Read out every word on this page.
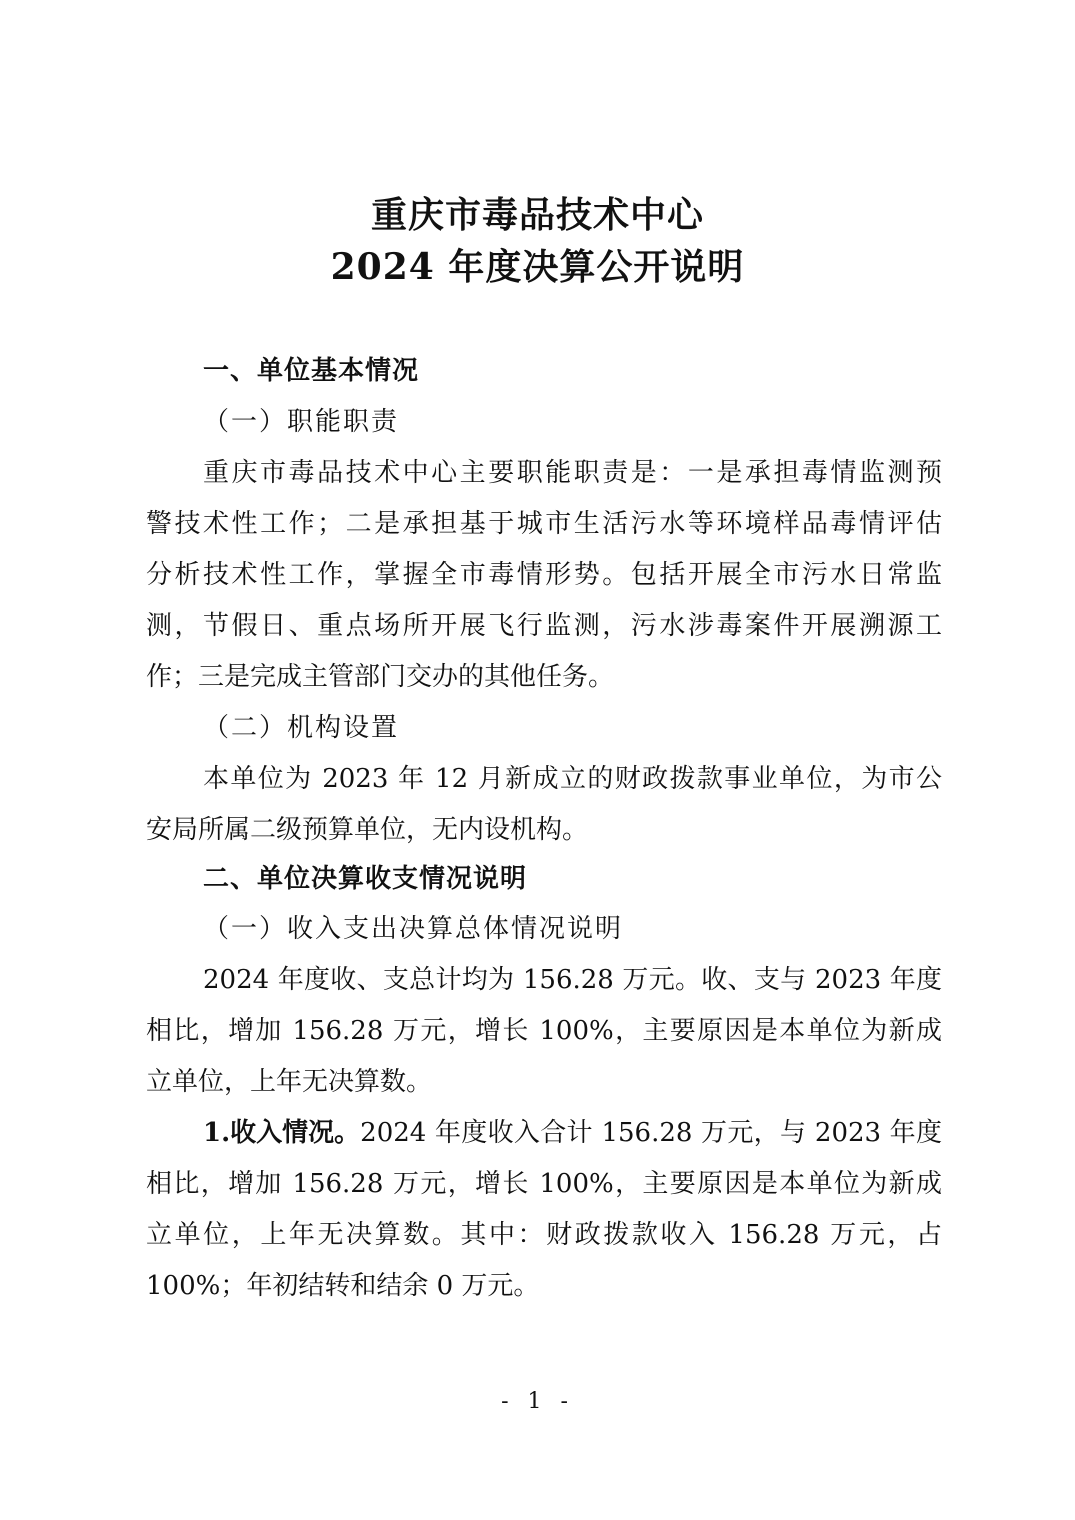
重庆市毒品技术中心
2024 年度决算公开说明
一、单位基本情况
（一）职能职责
重庆市毒品技术中心主要职能职责是：一是承担毒情监测预
警技术性工作；二是承担基于城市生活污水等环境样品毒情评估
分析技术性工作，掌握全市毒情形势。包括开展全市污水日常监
测，节假日、重点场所开展飞行监测，污水涉毒案件开展溯源工
作；三是完成主管部门交办的其他任务。
（二）机构设置
本单位为 2023 年 12 月新成立的财政拨款事业单位，为市公
安局所属二级预算单位，无内设机构。
二、单位决算收支情况说明
（一）收入支出决算总体情况说明
2024 年度收、支总计均为 156.28 万元。收、支与 2023 年度
相比，增加 156.28 万元，增长 100%，主要原因是本单位为新成
立单位，上年无决算数。
1.收入情况。 2024 年度收入合计 156.28 万元，与 2023 年度
相比，增加 156.28 万元，增长 100%，主要原因是本单位为新成
立单位，上年无决算数。其中：财政拨款收入 156.28 万元，占
100%；年初结转和结余 0 万元。
- 1 -
